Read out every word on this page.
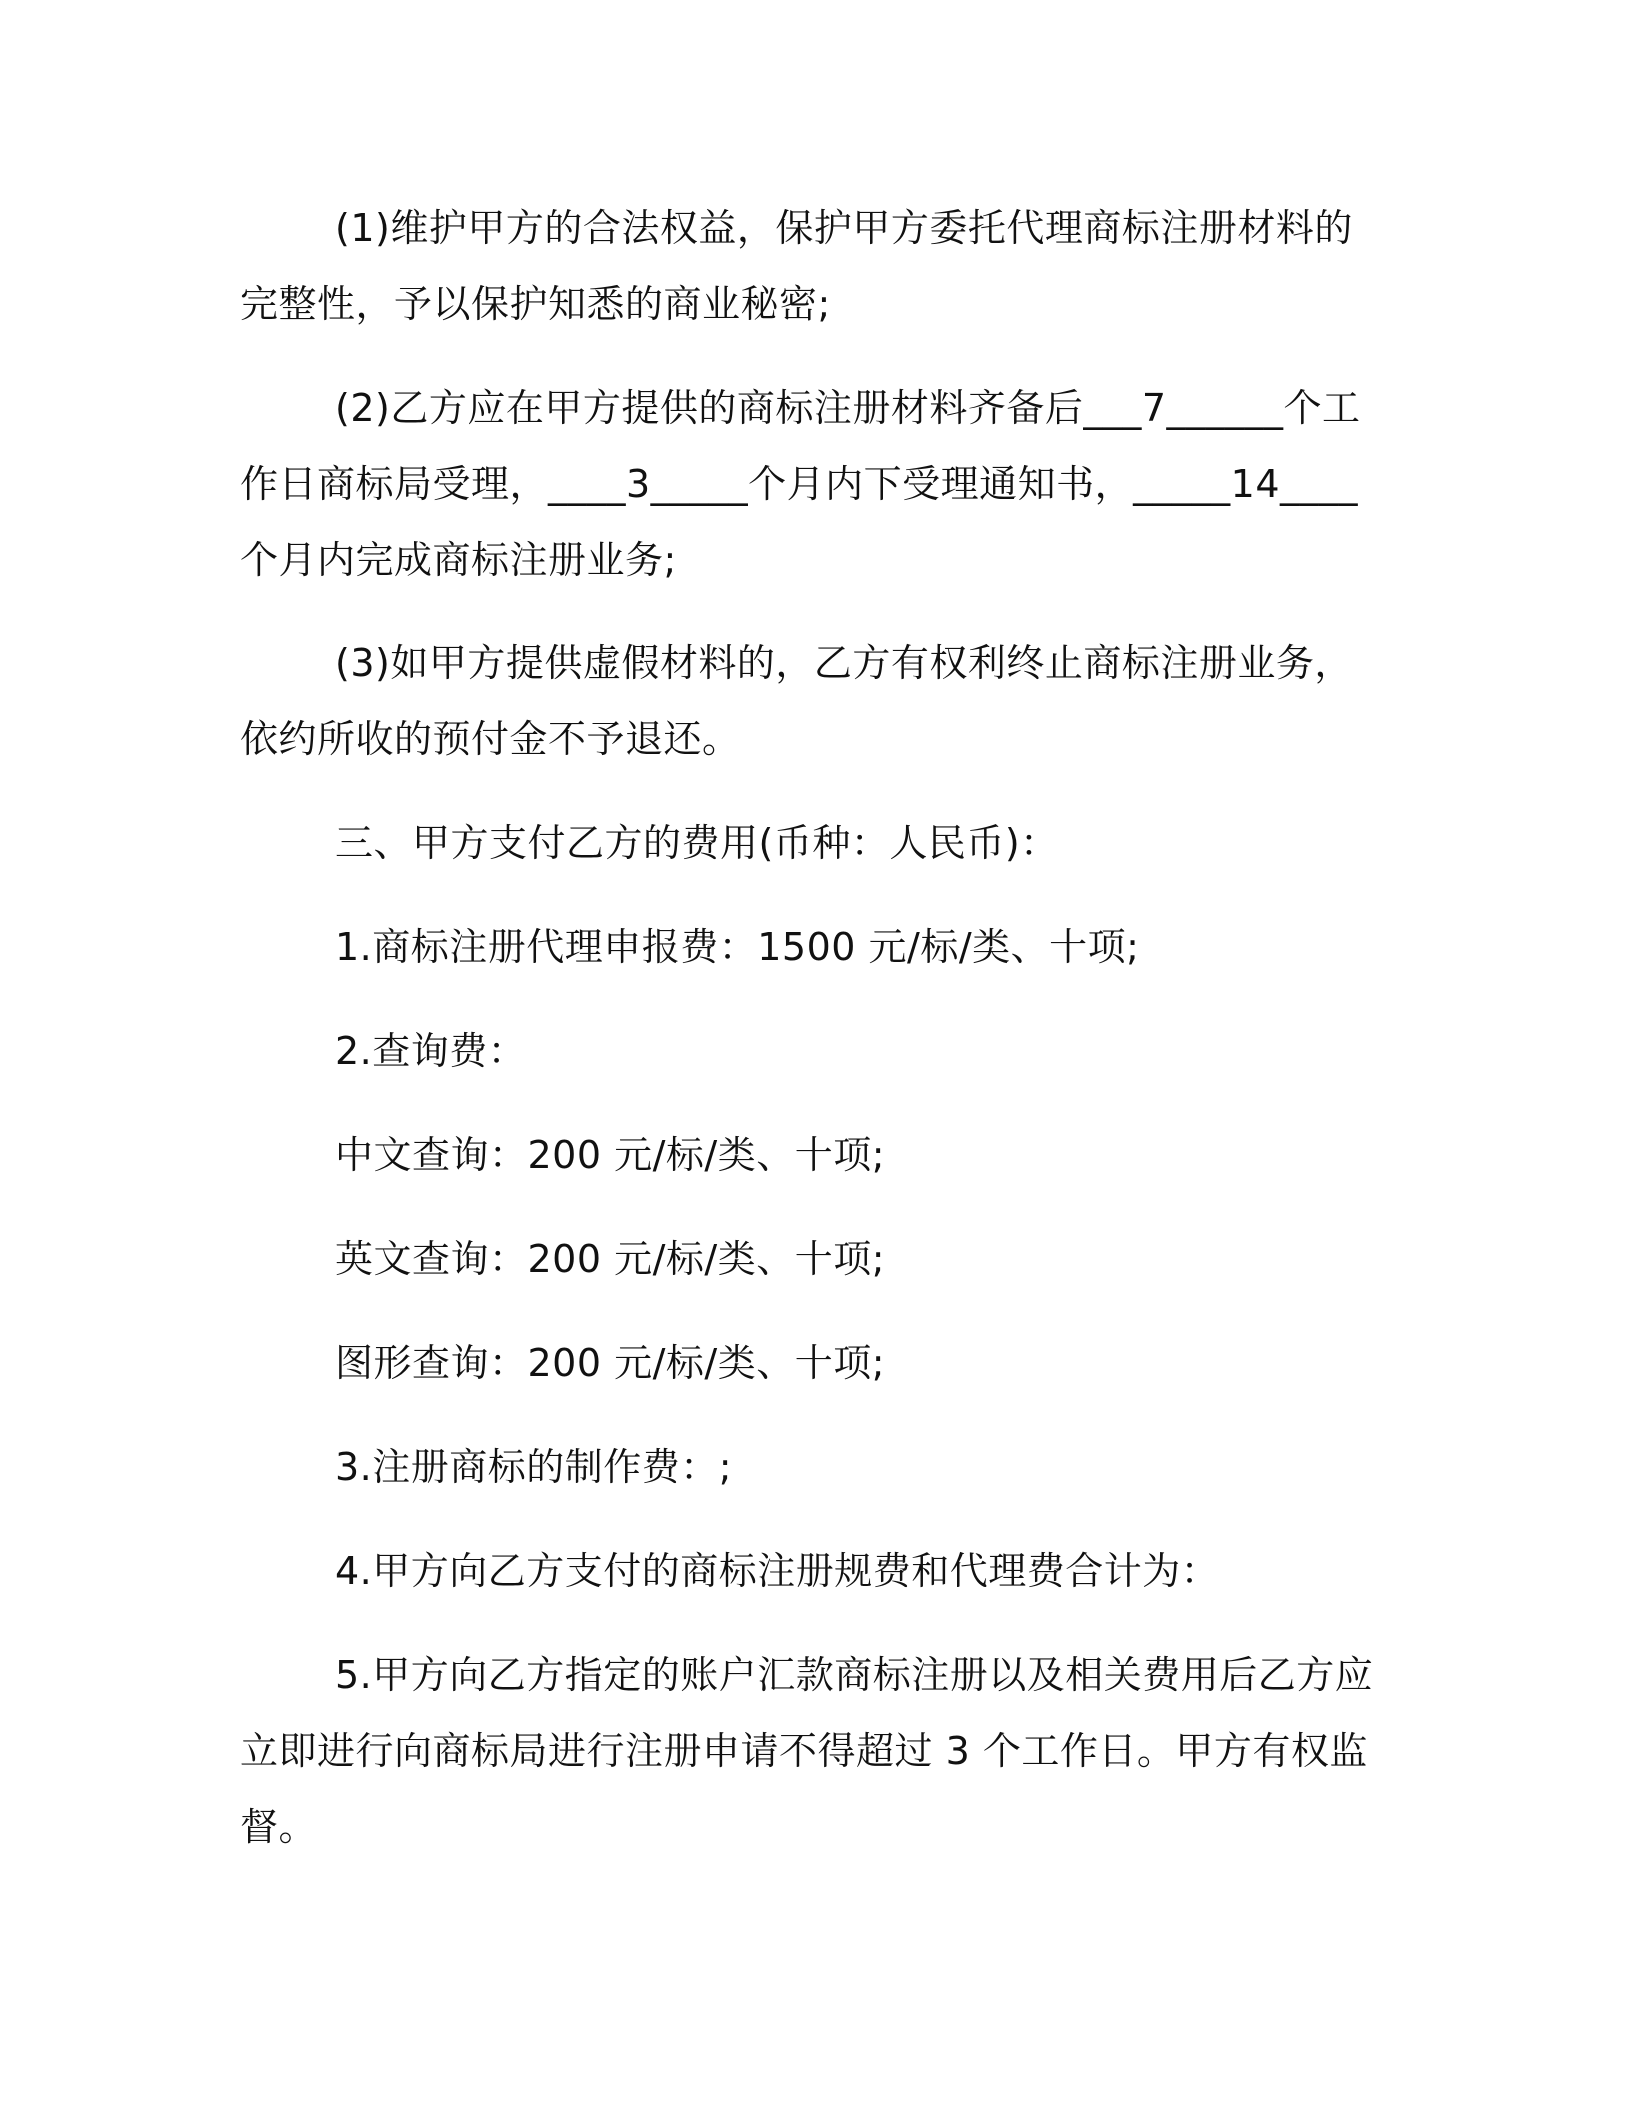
(1)维护甲方的合法权益，保护甲方委托代理商标注册材料的完整性，予以保护知悉的商业秘密;

(2)乙方应在甲方提供的商标注册材料齐备后___7______个工作日商标局受理，____3_____个月内下受理通知书，_____14____个月内完成商标注册业务;

(3)如甲方提供虚假材料的，乙方有权利终止商标注册业务，依约所收的预付金不予退还。

三、甲方支付乙方的费用(币种：人民币)：

1.商标注册代理申报费：1500 元/标/类、十项;

2.查询费：

中文查询：200 元/标/类、十项;

英文查询：200 元/标/类、十项;

图形查询：200 元/标/类、十项;

3.注册商标的制作费：;

4.甲方向乙方支付的商标注册规费和代理费合计为：

5.甲方向乙方指定的账户汇款商标注册以及相关费用后乙方应立即进行向商标局进行注册申请不得超过 3 个工作日。甲方有权监督。
